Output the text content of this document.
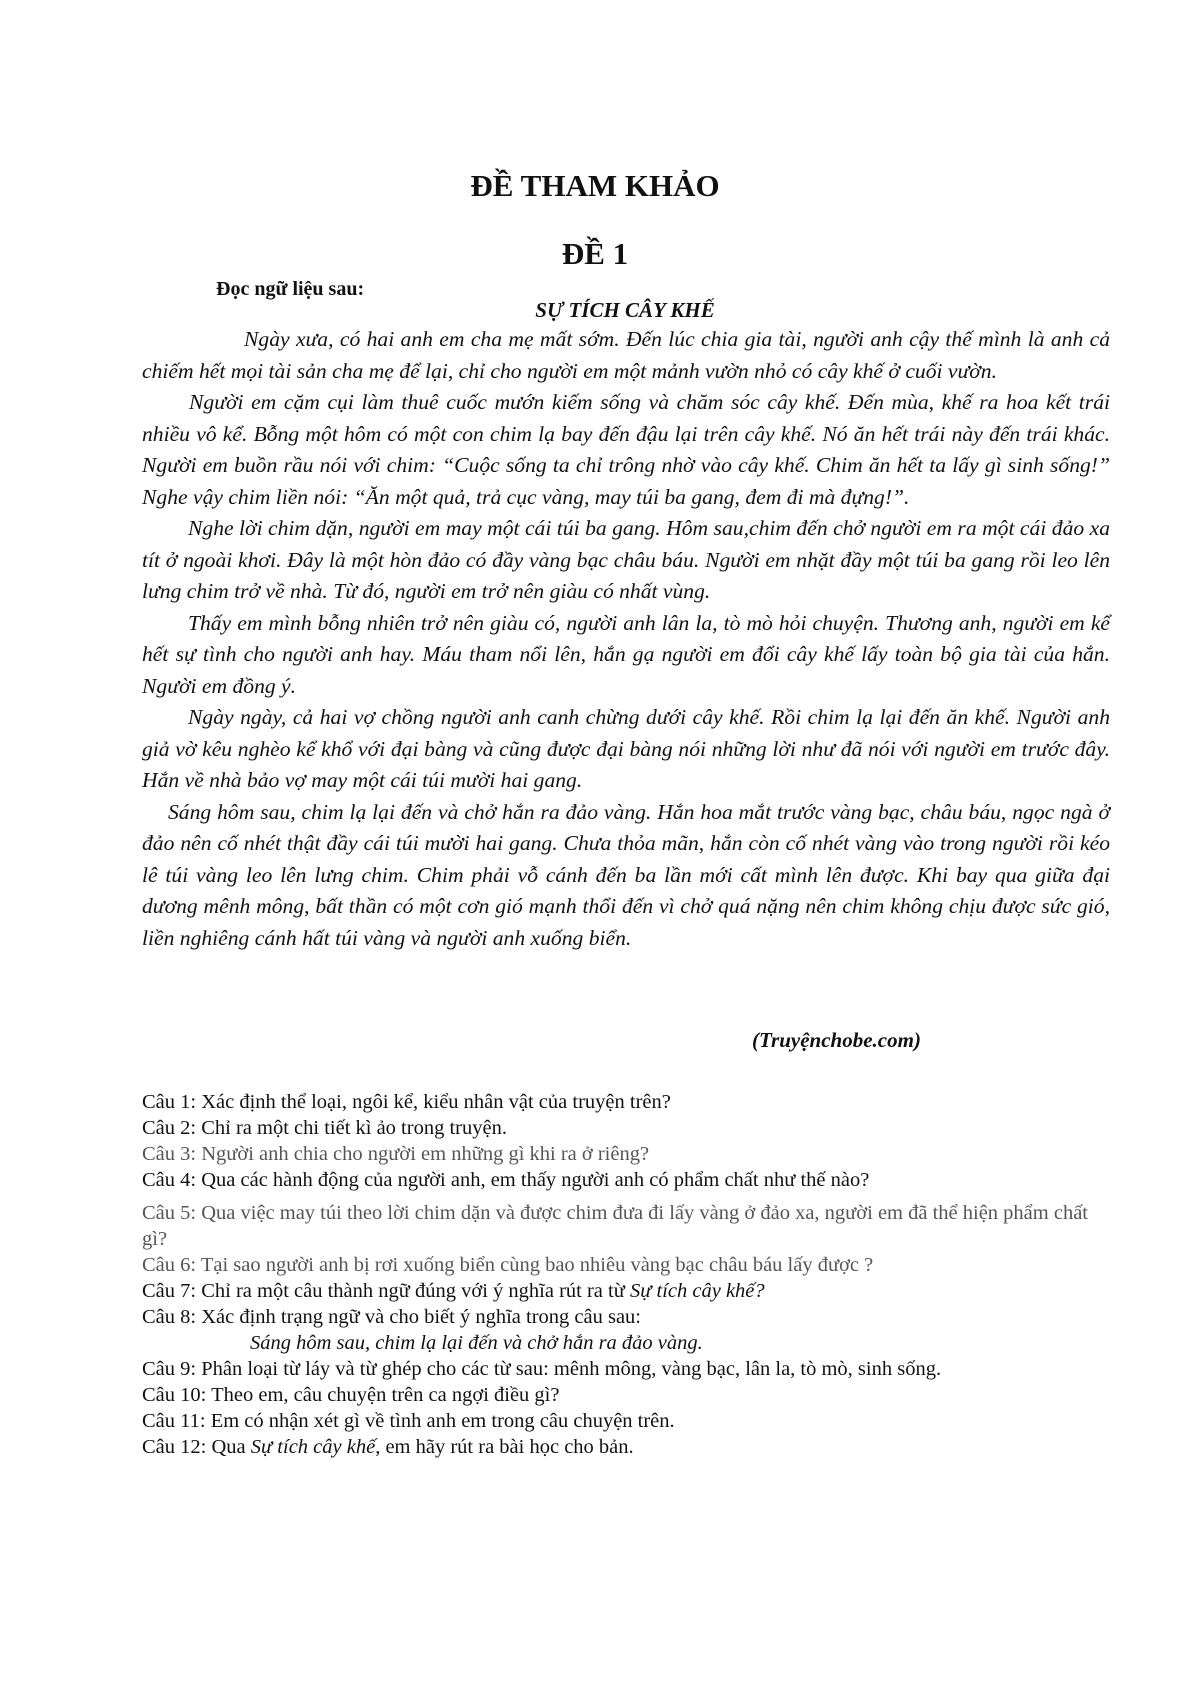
ĐỀ THAM KHẢO
ĐỀ 1

Đọc ngữ liệu sau:

SỰ TÍCH CÂY KHẾ

Ngày xưa, có hai anh em cha mẹ mất sớm. Đến lúc chia gia tài, người anh cậy thế mình là anh cả chiếm hết mọi tài sản cha mẹ để lại, chỉ cho người em một mảnh vườn nhỏ có cây khế ở cuối vườn.

Người em cặm cụi làm thuê cuốc mướn kiếm sống và chăm sóc cây khế. Đến mùa, khế ra hoa kết trái nhiều vô kể. Bỗng một hôm có một con chim lạ bay đến đậu lại trên cây khế. Nó ăn hết trái này đến trái khác. Người em buồn rầu nói với chim: “Cuộc sống ta chỉ trông nhờ vào cây khế. Chim ăn hết ta lấy gì sinh sống!” Nghe vậy chim liền nói: “Ăn một quả, trả cục vàng, may túi ba gang, đem đi mà đựng!”.

Nghe lời chim dặn, người em may một cái túi ba gang. Hôm sau,chim đến chở người em ra một cái đảo xa tít ở ngoài khơi. Đây là một hòn đảo có đầy vàng bạc châu báu. Người em nhặt đầy một túi ba gang rồi leo lên lưng chim trở về nhà. Từ đó, người em trở nên giàu có nhất vùng.

Thấy em mình bỗng nhiên trở nên giàu có, người anh lân la, tò mò hỏi chuyện. Thương anh, người em kể hết sự tình cho người anh hay. Máu tham nổi lên, hắn gạ người em đổi cây khế lấy toàn bộ gia tài của hắn. Người em đồng ý.

Ngày ngày, cả hai vợ chồng người anh canh chừng dưới cây khế. Rồi chim lạ lại đến ăn khế. Người anh giả vờ kêu nghèo kể khổ với đại bàng và cũng được đại bàng nói những lời như đã nói với người em trước đây. Hắn về nhà bảo vợ may một cái túi mười hai gang.

Sáng hôm sau, chim lạ lại đến và chở hắn ra đảo vàng. Hắn hoa mắt trước vàng bạc, châu báu, ngọc ngà ở đảo nên cố nhét thật đầy cái túi mười hai gang. Chưa thỏa mãn, hắn còn cố nhét vàng vào trong người rồi kéo lê túi vàng leo lên lưng chim. Chim phải vỗ cánh đến ba lần mới cất mình lên được. Khi bay qua giữa đại dương mênh mông, bất thần có một cơn gió mạnh thổi đến vì chở quá nặng nên chim không chịu được sức gió, liền nghiêng cánh hất túi vàng và người anh xuống biển.

(Truyệnchobe.com)

Câu 1: Xác định thể loại, ngôi kể, kiểu nhân vật của truyện trên?
Câu 2: Chỉ ra một chi tiết kì ảo trong truyện.
Câu 3: Người anh chia cho người em những gì khi ra ở riêng?
Câu 4: Qua các hành động của người anh, em thấy người anh có phẩm chất như thế nào?
Câu 5: Qua việc may túi theo lời chim dặn và được chim đưa đi lấy vàng ở đảo xa, người em đã thể hiện phẩm chất gì?
Câu 6: Tại sao người anh bị rơi xuống biển cùng bao nhiêu vàng bạc châu báu lấy được ?
Câu 7: Chỉ ra một câu thành ngữ đúng với ý nghĩa rút ra từ Sự tích cây khế?
Câu 8: Xác định trạng ngữ và cho biết ý nghĩa trong câu sau:
Sáng hôm sau, chim lạ lại đến và chở hắn ra đảo vàng.
Câu 9: Phân loại từ láy và từ ghép cho các từ sau: mênh mông, vàng bạc, lân la, tò mò, sinh sống.
Câu 10: Theo em, câu chuyện trên ca ngợi điều gì?
Câu 11: Em có nhận xét gì về tình anh em trong câu chuyện trên.
Câu 12: Qua Sự tích cây khế, em hãy rút ra bài học cho bản.
